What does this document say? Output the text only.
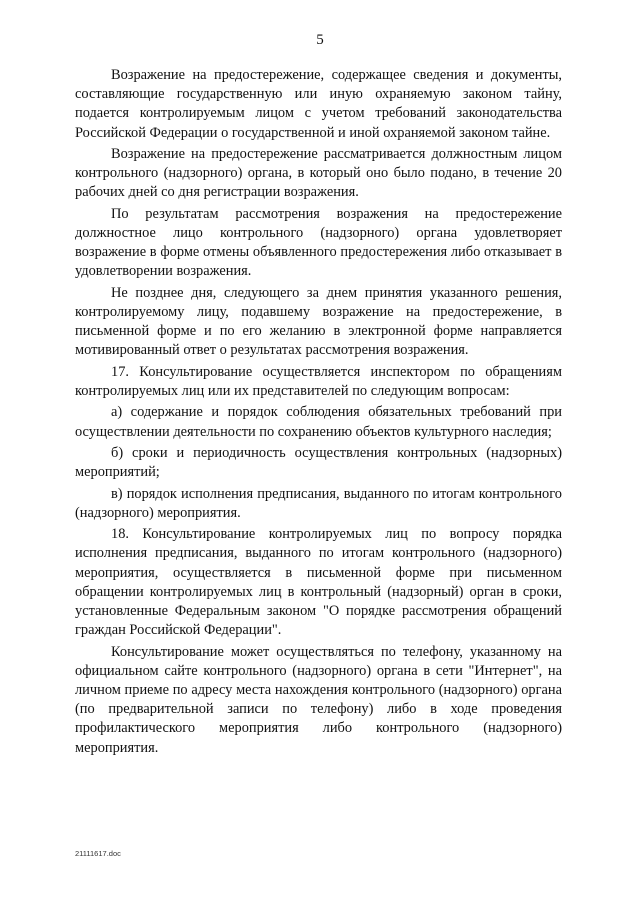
5

Возражение на предостережение, содержащее сведения и документы, составляющие государственную или иную охраняемую законом тайну, подается контролируемым лицом с учетом требований законодательства Российской Федерации о государственной и иной охраняемой законом тайне.

Возражение на предостережение рассматривается должностным лицом контрольного (надзорного) органа, в который оно было подано, в течение 20 рабочих дней со дня регистрации возражения.

По результатам рассмотрения возражения на предостережение должностное лицо контрольного (надзорного) органа удовлетворяет возражение в форме отмены объявленного предостережения либо отказывает в удовлетворении возражения.

Не позднее дня, следующего за днем принятия указанного решения, контролируемому лицу, подавшему возражение на предостережение, в письменной форме и по его желанию в электронной форме направляется мотивированный ответ о результатах рассмотрения возражения.

17. Консультирование осуществляется инспектором по обращениям контролируемых лиц или их представителей по следующим вопросам:

а) содержание и порядок соблюдения обязательных требований при осуществлении деятельности по сохранению объектов культурного наследия;

б) сроки и периодичность осуществления контрольных (надзорных) мероприятий;

в) порядок исполнения предписания, выданного по итогам контрольного (надзорного) мероприятия.

18. Консультирование контролируемых лиц по вопросу порядка исполнения предписания, выданного по итогам контрольного (надзорного) мероприятия, осуществляется в письменной форме при письменном обращении контролируемых лиц в контрольный (надзорный) орган в сроки, установленные Федеральным законом "О порядке рассмотрения обращений граждан Российской Федерации".

Консультирование может осуществляться по телефону, указанному на официальном сайте контрольного (надзорного) органа в сети "Интернет", на личном приеме по адресу места нахождения контрольного (надзорного) органа (по предварительной записи по телефону) либо в ходе проведения профилактического мероприятия либо контрольного (надзорного) мероприятия.

21111617.doc
